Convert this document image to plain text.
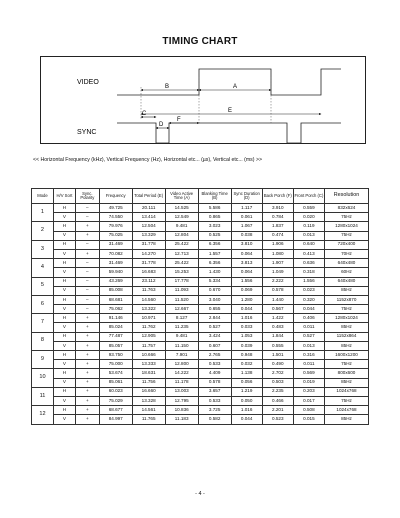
TIMING CHART
B	A
E
C
D
F
VIDEO
SYNC
<< Horizontal Frequency (kHz), Vertical Frequency (Hz), Horizontal etc... (µs), Vertical etc... (ms) >>
Mode	H/V Sort	Sync. Polarity	Frequency	Total Period (E)	Video Active Time (A)	Blanking Time (B)	Sync Duration (D)	Back Porch (F)	Front Porch (C)	Resolution
1	H	–	49.725	20.111	14.525	5.586	1.117	3.910	0.559	832x624
	V	–	74.550	13.414	12.549	0.865	0.061	0.784	0.020	75Hz
2	H	+	79.976	12.504	9.481	3.023	1.067	1.837	0.119	1280x1024
	V	+	75.025	13.329	12.804	0.525	0.038	0.474	0.013	75Hz
3	H	–	31.469	31.778	25.422	6.356	3.810	1.906	0.640	720x400
	V	+	70.082	14.270	12.713	1.557	0.064	1.080	0.413	70Hz
4	H	–	31.469	31.778	25.422	6.356	3.813	1.907	0.636	640x480
	V	–	59.940	16.683	15.253	1.430	0.064	1.049	0.318	60Hz
5	H	–	43.269	23.112	17.778	5.334	1.556	2.222	1.556	640x480
	V	–	85.008	11.763	11.093	0.670	0.069	0.578	0.023	85Hz
6	H	–	68.681	14.560	11.520	3.040	1.280	1.440	0.320	1152x870
	V	–	75.062	13.322	12.667	0.655	0.044	0.567	0.044	75Hz
7	H	+	91.146	10.971	8.127	2.844	1.016	1.422	0.406	1280x1024
	V	+	85.024	11.762	11.235	0.527	0.033	0.483	0.011	85Hz
8	H	+	77.487	12.905	9.481	3.424	1.053	1.844	0.527	1152x864
	V	+	85.057	11.757	11.150	0.607	0.039	0.555	0.013	85Hz
9	H	+	93.750	10.666	7.901	2.765	0.948	1.501	0.316	1600x1200
	V	+	75.000	13.333	12.800	0.533	0.032	0.490	0.011	75Hz
10	H	+	53.674	18.631	14.222	4.409	1.138	2.702	0.569	800x600
	V	+	85.061	11.756	11.178	0.578	0.056	0.503	0.019	85Hz
11	H	+	60.023	16.660	13.003	3.657	1.219	2.235	0.203	1024x768
	V	+	75.029	13.328	12.795	0.533	0.050	0.466	0.017	75Hz
12	H	+	68.677	14.561	10.836	3.725	1.016	2.201	0.508	1024x768
	V	+	84.997	11.765	11.183	0.582	0.044	0.523	0.015	85Hz
- 4 -
